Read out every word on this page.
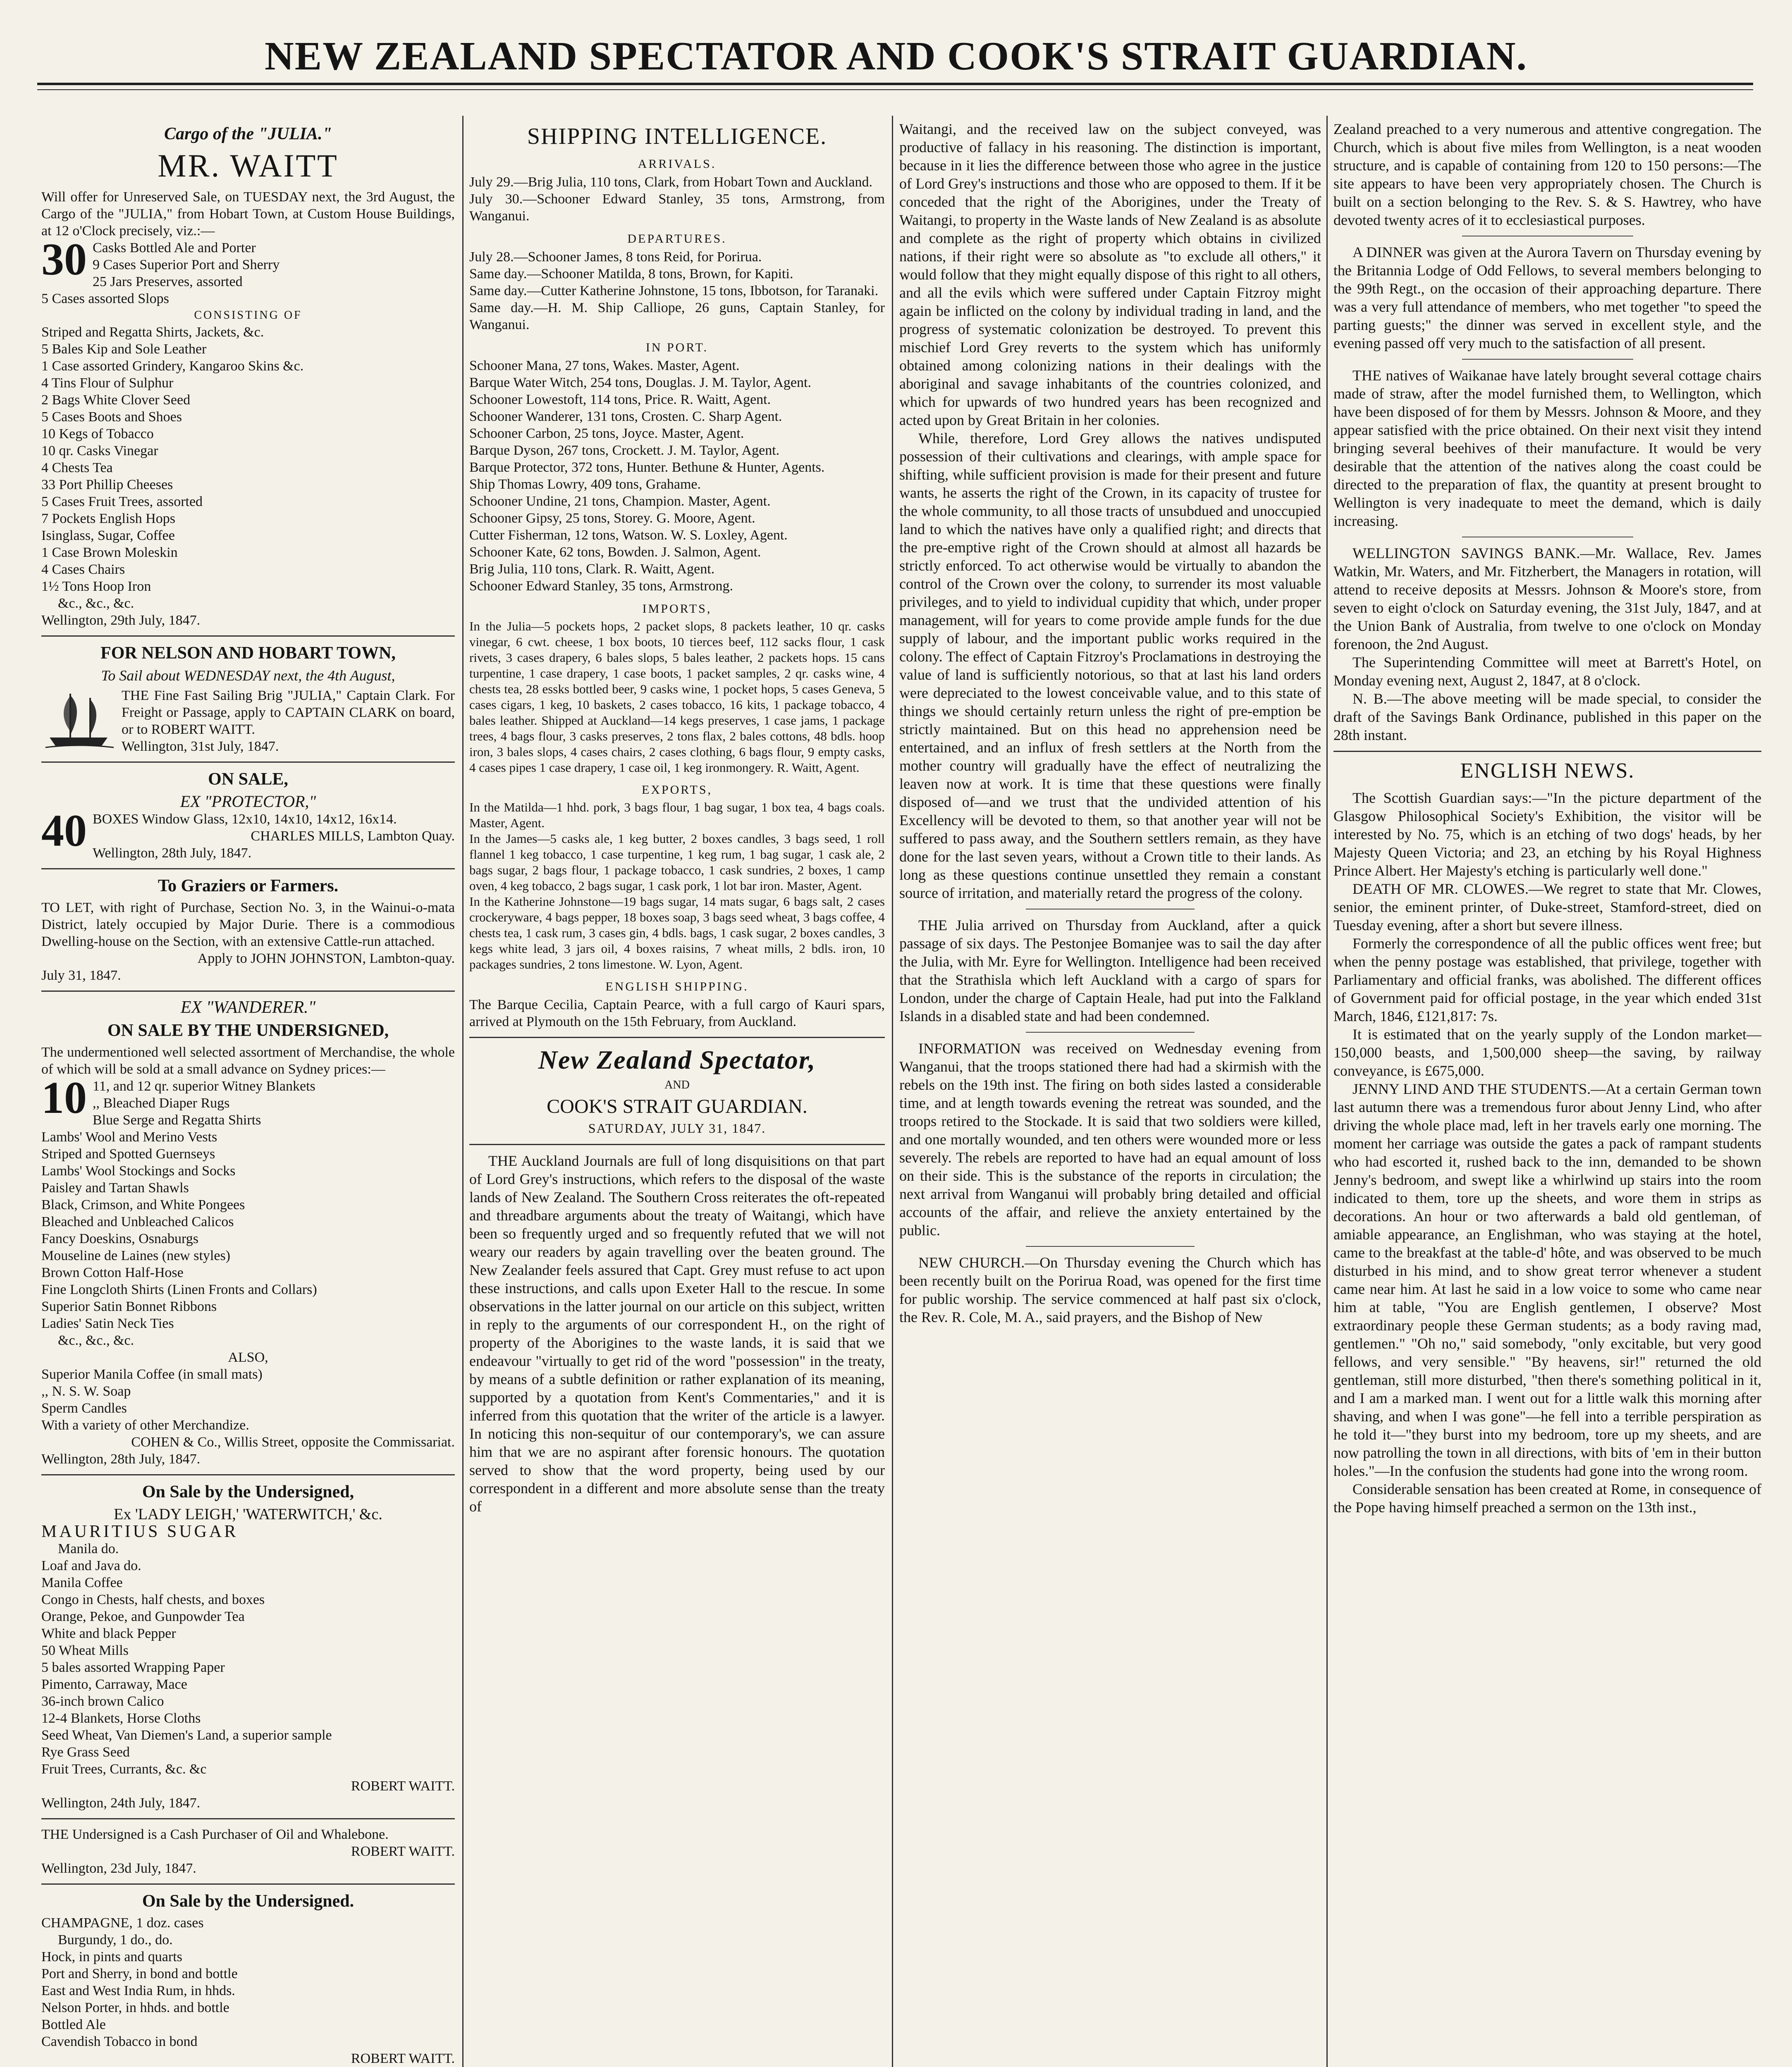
NEW ZEALAND SPECTATOR AND COOK'S STRAIT GUARDIAN.
Cargo of the "JULIA."
MR. WAITT

Will offer for Unreserved Sale, on TUESDAY next, the 3rd August, the Cargo of the "JULIA," from Hobart Town, at Custom House Buildings, at 12 o'Clock precisely, viz.:—

30 Casks Bottled Ale and Porter
9 Cases Superior Port and Sherry
25 Jars Preserves, assorted
5 Cases assorted Slops
CONSISTING OF
Striped and Regatta Shirts, Jackets, &c.
5 Bales Kip and Sole Leather
1 Case assorted Grindery, Kangaroo Skins &c.
4 Tins Flour of Sulphur
2 Bags White Clover Seed
5 Cases Boots and Shoes
10 Kegs of Tobacco
10 qr. Casks Vinegar
4 Chests Tea
33 Port Phillip Cheeses
5 Cases Fruit Trees, assorted
7 Pockets English Hops
Isinglass, Sugar, Coffee
1 Case Brown Moleskin
4 Cases Chairs
1½ Tons Hoop Iron
&c., &c., &c.
Wellington, 29th July, 1847.
FOR NELSON AND HOBART TOWN,
To Sail about WEDNESDAY next, the 4th August,

THE Fine Fast Sailing Brig "JULIA," Captain Clark. For Freight or Passage, apply to CAPTAIN CLARK on board, or to ROBERT WAITT.

Wellington, 31st July, 1847.
ON SALE,
EX "PROTECTOR,"
40 BOXES Window Glass, 12x10, 14x10, 14x12, 16x14.

CHARLES MILLS, Lambton Quay.
Wellington, 28th July, 1847.
To Graziers or Farmers.

TO LET, with right of Purchase, Section No. 3, in the Wainui-o-mata District, lately occupied by Major Durie. There is a commodious Dwelling-house on the Section, with an extensive Cattle-run attached.

Apply to JOHN JOHNSTON, Lambton-quay.
July 31, 1847.
EX "WANDERER."
ON SALE BY THE UNDERSIGNED,

The undermentioned well selected assortment of Merchandise, the whole of which will be sold at a small advance on Sydney prices:—

10 11, and 12 qr. superior Witney Blankets
,, Bleached Diaper Rugs
Blue Serge and Regatta Shirts
Lambs' Wool and Merino Vests
Striped and Spotted Guernseys
Lambs' Wool Stockings and Socks
Paisley and Tartan Shawls
Black, Crimson, and White Pongees
Bleached and Unbleached Calicos
Fancy Doeskins, Osnaburgs
Mouseline de Laines (new styles)
Brown Cotton Half-Hose
Fine Longcloth Shirts (Linen Fronts and Collars)
Superior Satin Bonnet Ribbons
Ladies' Satin Neck Ties
&c., &c., &c.
ALSO,
Superior Manila Coffee (in small mats)
,, N. S. W. Soap
Sperm Candles
With a variety of other Merchandize.
COHEN & Co., Willis Street, opposite the Commissariat.
Wellington, 28th July, 1847.
On Sale by the Undersigned,
Ex 'LADY LEIGH,' 'WATERWITCH,' &c.
MAURITIUS SUGAR
Manila do.
Loaf and Java do.
Manila Coffee
Congo in Chests, half chests, and boxes
Orange, Pekoe, and Gunpowder Tea
White and black Pepper
50 Wheat Mills
5 bales assorted Wrapping Paper
Pimento, Carraway, Mace
36-inch brown Calico
12-4 Blankets, Horse Cloths
Seed Wheat, Van Diemen's Land, a superior sample
Rye Grass Seed
Fruit Trees, Currants, &c. &c
ROBERT WAITT.
Wellington, 24th July, 1847.

THE Undersigned is a Cash Purchaser of Oil and Whalebone.

ROBERT WAITT.
Wellington, 23d July, 1847.
On Sale by the Undersigned.
CHAMPAGNE, 1 doz. cases
Burgundy, 1 do., do.
Hock, in pints and quarts
Port and Sherry, in bond and bottle
East and West India Rum, in hhds.
Nelson Porter, in hhds. and bottle
Bottled Ale
Cavendish Tobacco in bond
ROBERT WAITT.
SHIPPING INTELLIGENCE.
ARRIVALS.

July 29.—Brig Julia, 110 tons, Clark, from Hobart Town and Auckland.

July 30.—Schooner Edward Stanley, 35 tons, Armstrong, from Wanganui.

DEPARTURES.

July 28.—Schooner James, 8 tons Reid, for Porirua.

Same day.—Schooner Matilda, 8 tons, Brown, for Kapiti.

Same day.—Cutter Katherine Johnstone, 15 tons, Ibbotson, for Taranaki.

Same day.—H. M. Ship Calliope, 26 guns, Captain Stanley, for Wanganui.

IN PORT.

Schooner Mana, 27 tons, Wakes. Master, Agent.

Barque Water Witch, 254 tons, Douglas. J. M. Taylor, Agent.

Schooner Lowestoft, 114 tons, Price. R. Waitt, Agent.

Schooner Wanderer, 131 tons, Crosten. C. Sharp Agent.

Schooner Carbon, 25 tons, Joyce. Master, Agent.

Barque Dyson, 267 tons, Crockett. J. M. Taylor, Agent.

Barque Protector, 372 tons, Hunter. Bethune & Hunter, Agents.

Ship Thomas Lowry, 409 tons, Grahame.

Schooner Undine, 21 tons, Champion. Master, Agent.

Schooner Gipsy, 25 tons, Storey. G. Moore, Agent.

Cutter Fisherman, 12 tons, Watson. W. S. Loxley, Agent.

Schooner Kate, 62 tons, Bowden. J. Salmon, Agent.

Brig Julia, 110 tons, Clark. R. Waitt, Agent.

Schooner Edward Stanley, 35 tons, Armstrong.

IMPORTS,

In the Julia—5 pockets hops, 2 packet slops, 8 packets leather, 10 qr. casks vinegar, 6 cwt. cheese, 1 box boots, 10 tierces beef, 112 sacks flour, 1 cask rivets, 3 cases drapery, 6 bales slops, 5 bales leather, 2 packets hops. 15 cans turpentine, 1 case drapery, 1 case boots, 1 packet samples, 2 qr. casks wine, 4 chests tea, 28 essks bottled beer, 9 casks wine, 1 pocket hops, 5 cases Geneva, 5 cases cigars, 1 keg, 10 baskets, 2 cases tobacco, 16 kits, 1 package tobacco, 4 bales leather. Shipped at Auckland—14 kegs preserves, 1 case jams, 1 package trees, 4 bags flour, 3 casks preserves, 2 tons flax, 2 bales cottons, 48 bdls. hoop iron, 3 bales slops, 4 cases chairs, 2 cases clothing, 6 bags flour, 9 empty casks, 4 cases pipes 1 case drapery, 1 case oil, 1 keg ironmongery. R. Waitt, Agent.

EXPORTS,

In the Matilda—1 hhd. pork, 3 bags flour, 1 bag sugar, 1 box tea, 4 bags coals. Master, Agent.

In the James—5 casks ale, 1 keg butter, 2 boxes candles, 3 bags seed, 1 roll flannel 1 keg tobacco, 1 case turpentine, 1 keg rum, 1 bag sugar, 1 cask ale, 2 bags sugar, 2 bags flour, 1 package tobacco, 1 cask sundries, 2 boxes, 1 camp oven, 4 keg tobacco, 2 bags sugar, 1 cask pork, 1 lot bar iron. Master, Agent.

In the Katherine Johnstone—19 bags sugar, 14 mats sugar, 6 bags salt, 2 cases crockeryware, 4 bags pepper, 18 boxes soap, 3 bags seed wheat, 3 bags coffee, 4 chests tea, 1 cask rum, 3 cases gin, 4 bdls. bags, 1 cask sugar, 2 boxes candles, 3 kegs white lead, 3 jars oil, 4 boxes raisins, 7 wheat mills, 2 bdls. iron, 10 packages sundries, 2 tons limestone. W. Lyon, Agent.

ENGLISH SHIPPING.

The Barque Cecilia, Captain Pearce, with a full cargo of Kauri spars, arrived at Plymouth on the 15th February, from Auckland.

New Zealand Spectator,
AND
COOK'S STRAIT GUARDIAN.
SATURDAY, JULY 31, 1847.

THE Auckland Journals are full of long disquisitions on that part of Lord Grey's instructions, which refers to the disposal of the waste lands of New Zealand. The Southern Cross reiterates the oft-repeated and threadbare arguments about the treaty of Waitangi, which have been so frequently urged and so frequently refuted that we will not weary our readers by again travelling over the beaten ground. The New Zealander feels assured that Capt. Grey must refuse to act upon these instructions, and calls upon Exeter Hall to the rescue. In some observations in the latter journal on our article on this subject, written in reply to the arguments of our correspondent H., on the right of property of the Aborigines to the waste lands, it is said that we endeavour "virtually to get rid of the word "possession" in the treaty, by means of a subtle definition or rather explanation of its meaning, supported by a quotation from Kent's Commentaries," and it is inferred from this quotation that the writer of the article is a lawyer. In noticing this non-sequitur of our contemporary's, we can assure him that we are no aspirant after forensic honours. The quotation served to show that the word property, being used by our correspondent in a different and more absolute sense than the treaty of

Waitangi, and the received law on the subject conveyed, was productive of fallacy in his reasoning. The distinction is important, because in it lies the difference between those who agree in the justice of Lord Grey's instructions and those who are opposed to them. If it be conceded that the right of the Aborigines, under the Treaty of Waitangi, to property in the Waste lands of New Zealand is as absolute and complete as the right of property which obtains in civilized nations, if their right were so absolute as "to exclude all others," it would follow that they might equally dispose of this right to all others, and all the evils which were suffered under Captain Fitzroy might again be inflicted on the colony by individual trading in land, and the progress of systematic colonization be destroyed. To prevent this mischief Lord Grey reverts to the system which has uniformly obtained among colonizing nations in their dealings with the aboriginal and savage inhabitants of the countries colonized, and which for upwards of two hundred years has been recognized and acted upon by Great Britain in her colonies.

While, therefore, Lord Grey allows the natives undisputed possession of their cultivations and clearings, with ample space for shifting, while sufficient provision is made for their present and future wants, he asserts the right of the Crown, in its capacity of trustee for the whole community, to all those tracts of unsubdued and unoccupied land to which the natives have only a qualified right; and directs that the pre-emptive right of the Crown should at almost all hazards be strictly enforced. To act otherwise would be virtually to abandon the control of the Crown over the colony, to surrender its most valuable privileges, and to yield to individual cupidity that which, under proper management, will for years to come provide ample funds for the due supply of labour, and the important public works required in the colony. The effect of Captain Fitzroy's Proclamations in destroying the value of land is sufficiently notorious, so that at last his land orders were depreciated to the lowest conceivable value, and to this state of things we should certainly return unless the right of pre-emption be strictly maintained. But on this head no apprehension need be entertained, and an influx of fresh settlers at the North from the mother country will gradually have the effect of neutralizing the leaven now at work. It is time that these questions were finally disposed of—and we trust that the undivided attention of his Excellency will be devoted to them, so that another year will not be suffered to pass away, and the Southern settlers remain, as they have done for the last seven years, without a Crown title to their lands. As long as these questions continue unsettled they remain a constant source of irritation, and materially retard the progress of the colony.

THE Julia arrived on Thursday from Auckland, after a quick passage of six days. The Pestonjee Bomanjee was to sail the day after the Julia, with Mr. Eyre for Wellington. Intelligence had been received that the Strathisla which left Auckland with a cargo of spars for London, under the charge of Captain Heale, had put into the Falkland Islands in a disabled state and had been condemned.

INFORMATION was received on Wednesday evening from Wanganui, that the troops stationed there had had a skirmish with the rebels on the 19th inst. The firing on both sides lasted a considerable time, and at length towards evening the retreat was sounded, and the troops retired to the Stockade. It is said that two soldiers were killed, and one mortally wounded, and ten others were wounded more or less severely. The rebels are reported to have had an equal amount of loss on their side. This is the substance of the reports in circulation; the next arrival from Wanganui will probably bring detailed and official accounts of the affair, and relieve the anxiety entertained by the public.

NEW CHURCH.—On Thursday evening the Church which has been recently built on the Porirua Road, was opened for the first time for public worship. The service commenced at half past six o'clock, the Rev. R. Cole, M. A., said prayers, and the Bishop of New

Zealand preached to a very numerous and attentive congregation. The Church, which is about five miles from Wellington, is a neat wooden structure, and is capable of containing from 120 to 150 persons:—The site appears to have been very appropriately chosen. The Church is built on a section belonging to the Rev. S. & S. Hawtrey, who have devoted twenty acres of it to ecclesiastical purposes.

A DINNER was given at the Aurora Tavern on Thursday evening by the Britannia Lodge of Odd Fellows, to several members belonging to the 99th Regt., on the occasion of their approaching departure. There was a very full attendance of members, who met together "to speed the parting guests;" the dinner was served in excellent style, and the evening passed off very much to the satisfaction of all present.

THE natives of Waikanae have lately brought several cottage chairs made of straw, after the model furnished them, to Wellington, which have been disposed of for them by Messrs. Johnson & Moore, and they appear satisfied with the price obtained. On their next visit they intend bringing several beehives of their manufacture. It would be very desirable that the attention of the natives along the coast could be directed to the preparation of flax, the quantity at present brought to Wellington is very inadequate to meet the demand, which is daily increasing.

WELLINGTON SAVINGS BANK.—Mr. Wallace, Rev. James Watkin, Mr. Waters, and Mr. Fitzherbert, the Managers in rotation, will attend to receive deposits at Messrs. Johnson & Moore's store, from seven to eight o'clock on Saturday evening, the 31st July, 1847, and at the Union Bank of Australia, from twelve to one o'clock on Monday forenoon, the 2nd August.

The Superintending Committee will meet at Barrett's Hotel, on Monday evening next, August 2, 1847, at 8 o'clock.

N. B.—The above meeting will be made special, to consider the draft of the Savings Bank Ordinance, published in this paper on the 28th instant.

ENGLISH NEWS.

The Scottish Guardian says:—"In the picture department of the Glasgow Philosophical Society's Exhibition, the visitor will be interested by No. 75, which is an etching of two dogs' heads, by her Majesty Queen Victoria; and 23, an etching by his Royal Highness Prince Albert. Her Majesty's etching is particularly well done."

DEATH OF MR. CLOWES.—We regret to state that Mr. Clowes, senior, the eminent printer, of Duke-street, Stamford-street, died on Tuesday evening, after a short but severe illness.

Formerly the correspondence of all the public offices went free; but when the penny postage was established, that privilege, together with Parliamentary and official franks, was abolished. The different offices of Government paid for official postage, in the year which ended 31st March, 1846, £121,817: 7s.

It is estimated that on the yearly supply of the London market—150,000 beasts, and 1,500,000 sheep—the saving, by railway conveyance, is £675,000.

JENNY LIND AND THE STUDENTS.—At a certain German town last autumn there was a tremendous furor about Jenny Lind, who after driving the whole place mad, left in her travels early one morning. The moment her carriage was outside the gates a pack of rampant students who had escorted it, rushed back to the inn, demanded to be shown Jenny's bedroom, and swept like a whirlwind up stairs into the room indicated to them, tore up the sheets, and wore them in strips as decorations. An hour or two afterwards a bald old gentleman, of amiable appearance, an Englishman, who was staying at the hotel, came to the breakfast at the table-d' hôte, and was observed to be much disturbed in his mind, and to show great terror whenever a student came near him. At last he said in a low voice to some who came near him at table, "You are English gentlemen, I observe? Most extraordinary people these German students; as a body raving mad, gentlemen." "Oh no," said somebody, "only excitable, but very good fellows, and very sensible." "By heavens, sir!" returned the old gentleman, still more disturbed, "then there's something political in it, and I am a marked man. I went out for a little walk this morning after shaving, and when I was gone"—he fell into a terrible perspiration as he told it—"they burst into my bedroom, tore up my sheets, and are now patrolling the town in all directions, with bits of 'em in their button holes."—In the confusion the students had gone into the wrong room.

Considerable sensation has been created at Rome, in consequence of the Pope having himself preached a sermon on the 13th inst.,
